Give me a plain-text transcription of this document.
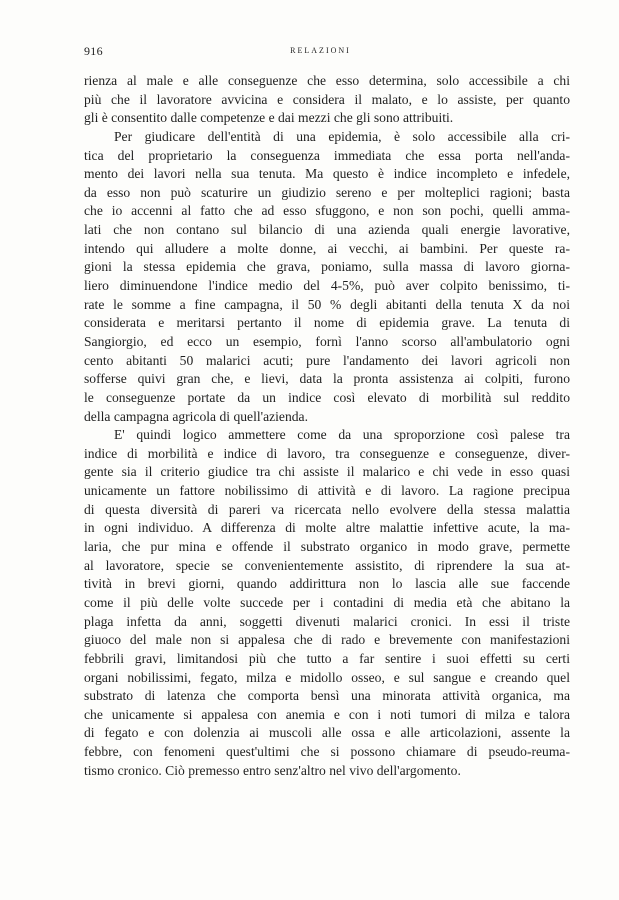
916	RELAZIONI
rienza al male e alle conseguenze che esso determina, solo accessibile a chi
più che il lavoratore avvicina e considera il malato, e lo assiste, per quanto
gli è consentito dalle competenze e dai mezzi che gli sono attribuiti.
Per giudicare dell'entità di una epidemia, è solo accessibile alla cri-
tica del proprietario la conseguenza immediata che essa porta nell'anda-
mento dei lavori nella sua tenuta. Ma questo è indice incompleto e infedele,
da esso non può scaturire un giudizio sereno e per molteplici ragioni; basta
che io accenni al fatto che ad esso sfuggono, e non son pochi, quelli amma-
lati che non contano sul bilancio di una azienda quali energie lavorative,
intendo qui alludere a molte donne, ai vecchi, ai bambini. Per queste ra-
gioni la stessa epidemia che grava, poniamo, sulla massa di lavoro giorna-
liero diminuendone l'indice medio del 4-5%, può aver colpito benissimo, ti-
rate le somme a fine campagna, il 50 % degli abitanti della tenuta X da noi
considerata e meritarsi pertanto il nome di epidemia grave. La tenuta di
Sangiorgio, ed ecco un esempio, fornì l'anno scorso all'ambulatorio ogni
cento abitanti 50 malarici acuti; pure l'andamento dei lavori agricoli non
sofferse quivi gran che, e lievi, data la pronta assistenza ai colpiti, furono
le conseguenze portate da un indice così elevato di morbilità sul reddito
della campagna agricola di quell'azienda.
E' quindi logico ammettere come da una sproporzione così palese tra
indice di morbilità e indice di lavoro, tra conseguenze e conseguenze, diver-
gente sia il criterio giudice tra chi assiste il malarico e chi vede in esso quasi
unicamente un fattore nobilissimo di attività e di lavoro. La ragione precipua
di questa diversità di pareri va ricercata nello evolvere della stessa malattia
in ogni individuo. A differenza di molte altre malattie infettive acute, la ma-
laria, che pur mina e offende il substrato organico in modo grave, permette
al lavoratore, specie se convenientemente assistito, di riprendere la sua at-
tività in brevi giorni, quando addirittura non lo lascia alle sue faccende
come il più delle volte succede per i contadini di media età che abitano la
plaga infetta da anni, soggetti divenuti malarici cronici. In essi il triste
giuoco del male non si appalesa che di rado e brevemente con manifestazioni
febbrili gravi, limitandosi più che tutto a far sentire i suoi effetti su certi
organi nobilissimi, fegato, milza e midollo osseo, e sul sangue e creando quel
substrato di latenza che comporta bensì una minorata attività organica, ma
che unicamente si appalesa con anemia e con i noti tumori di milza e talora
di fegato e con dolenzia ai muscoli alle ossa e alle articolazioni, assente la
febbre, con fenomeni quest'ultimi che si possono chiamare di pseudo-reuma-
tismo cronico. Ciò premesso entro senz'altro nel vivo dell'argomento.
